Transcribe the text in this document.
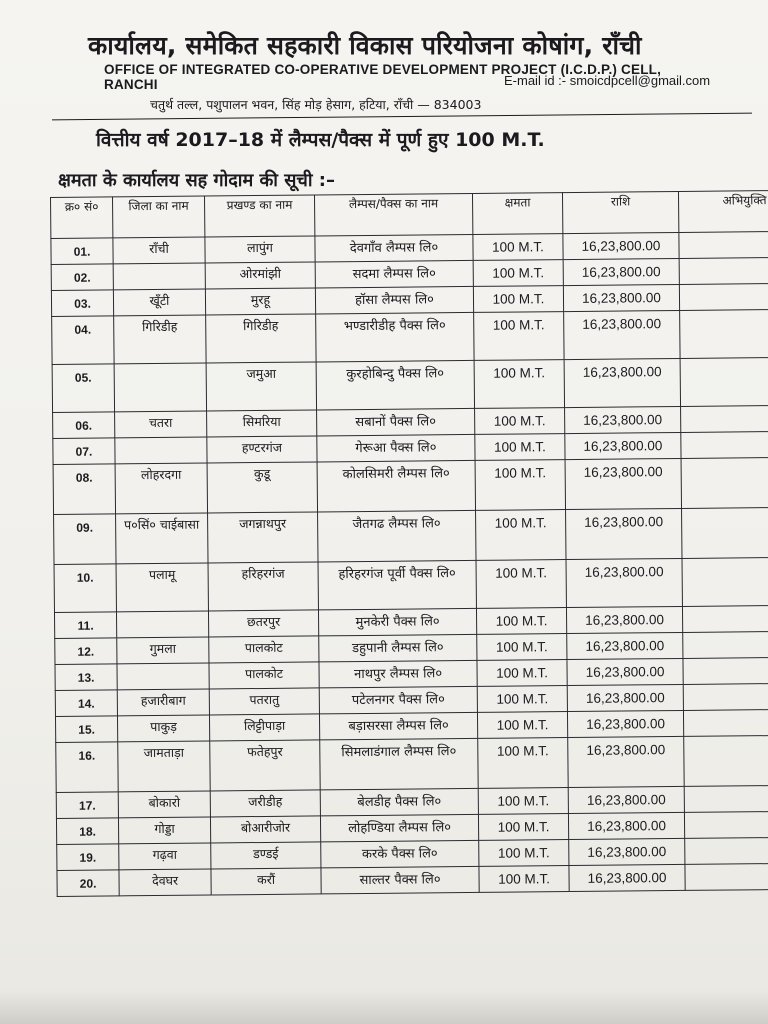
कार्यालय, समेकित सहकारी विकास परियोजना कोषांग, राँची
OFFICE OF INTEGRATED CO-OPERATIVE DEVELOPMENT PROJECT (I.C.D.P.) CELL, RANCHI	E-mail id :- smoicdpcell@gmail.com
चतुर्थ तल्ल, पशुपालन भवन, सिंह मोड़ हेसाग, हटिया, राँची — 834003
वित्तीय वर्ष 2017–18 में लैम्पस/पैक्स में पूर्ण हुए 100 M.T.
क्षमता के कार्यालय सह गोदाम की सूची :–
क्र० सं०	जिला का नाम	प्रखण्ड का नाम	लैम्पस/पैक्स का नाम	क्षमता	राशि	अभियुक्ति
01.	राँची	लापुंग	देवगाँव लैम्पस लि०	100 M.T.	16,23,800.00	
02.		ओरमांझी	सदमा लैम्पस लि०	100 M.T.	16,23,800.00	
03.	खूँटी	मुरहू	हॉसा लैम्पस लि०	100 M.T.	16,23,800.00	
04.	गिरिडीह	गिरिडीह	भण्डारीडीह पैक्स लि०	100 M.T.	16,23,800.00	
05.		जमुआ	कुरहोबिन्दु पैक्स लि०	100 M.T.	16,23,800.00	
06.	चतरा	सिमरिया	सबानों पैक्स लि०	100 M.T.	16,23,800.00	
07.		हण्टरगंज	गेरूआ पैक्स लि०	100 M.T.	16,23,800.00	
08.	लोहरदगा	कुडू	कोलसिमरी लैम्पस लि०	100 M.T.	16,23,800.00	
09.	प०सिं० चाईबासा	जगन्नाथपुर	जैतगढ लैम्पस लि०	100 M.T.	16,23,800.00	
10.	पलामू	हरिहरगंज	हरिहरगंज पूर्वी पैक्स लि०	100 M.T.	16,23,800.00	
11.		छतरपुर	मुनकेरी पैक्स लि०	100 M.T.	16,23,800.00	
12.	गुमला	पालकोट	डहुपानी लैम्पस लि०	100 M.T.	16,23,800.00	
13.		पालकोट	नाथपुर लैम्पस लि०	100 M.T.	16,23,800.00	
14.	हजारीबाग	पतरातु	पटेलनगर पैक्स लि०	100 M.T.	16,23,800.00	
15.	पाकुड़	लिट्टीपाड़ा	बड़ासरसा लैम्पस लि०	100 M.T.	16,23,800.00	
16.	जामताड़ा	फतेहपुर	सिमलाडंगाल लैम्पस लि०	100 M.T.	16,23,800.00	
17.	बोकारो	जरीडीह	बेलडीह पैक्स लि०	100 M.T.	16,23,800.00	
18.	गोड्डा	बोआरीजोर	लोहण्डिया लैम्पस लि०	100 M.T.	16,23,800.00	
19.	गढ़वा	डण्डई	करके पैक्स लि०	100 M.T.	16,23,800.00	
20.	देवघर	करौं	साल्तर पैक्स लि०	100 M.T.	16,23,800.00	
